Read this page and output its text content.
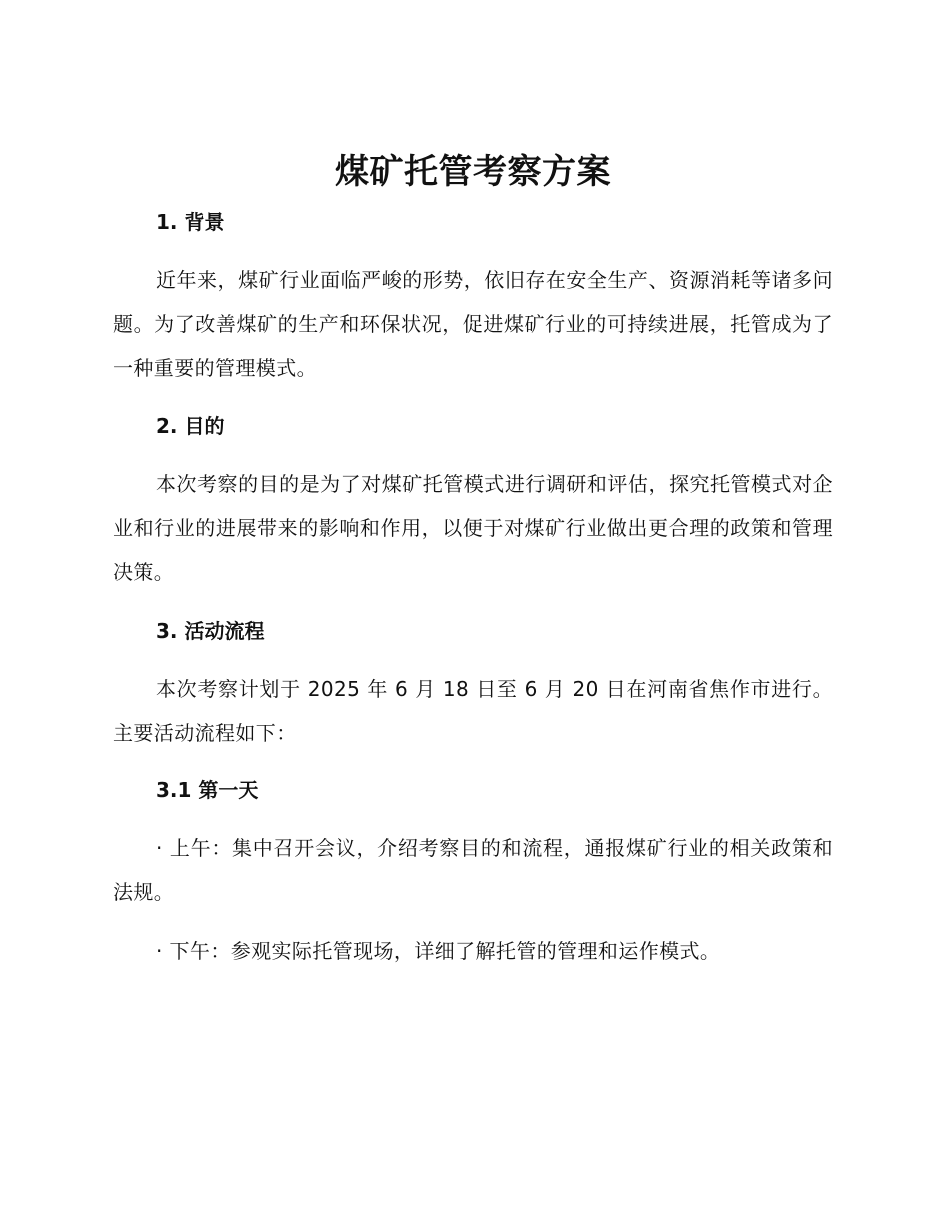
煤矿托管考察方案
1. 背景

近年来，煤矿行业面临严峻的形势，依旧存在安全生产、资源消耗等诸多问题。为了改善煤矿的生产和环保状况，促进煤矿行业的可持续进展，托管成为了一种重要的管理模式。

2. 目的

本次考察的目的是为了对煤矿托管模式进行调研和评估，探究托管模式对企业和行业的进展带来的影响和作用，以便于对煤矿行业做出更合理的政策和管理决策。

3. 活动流程

本次考察计划于 2025 年 6 月 18 日至 6 月 20 日在河南省焦作市进行。主要活动流程如下：

3.1 第一天

· 上午：集中召开会议，介绍考察目的和流程，通报煤矿行业的相关政策和法规。

· 下午：参观实际托管现场，详细了解托管的管理和运作模式。
